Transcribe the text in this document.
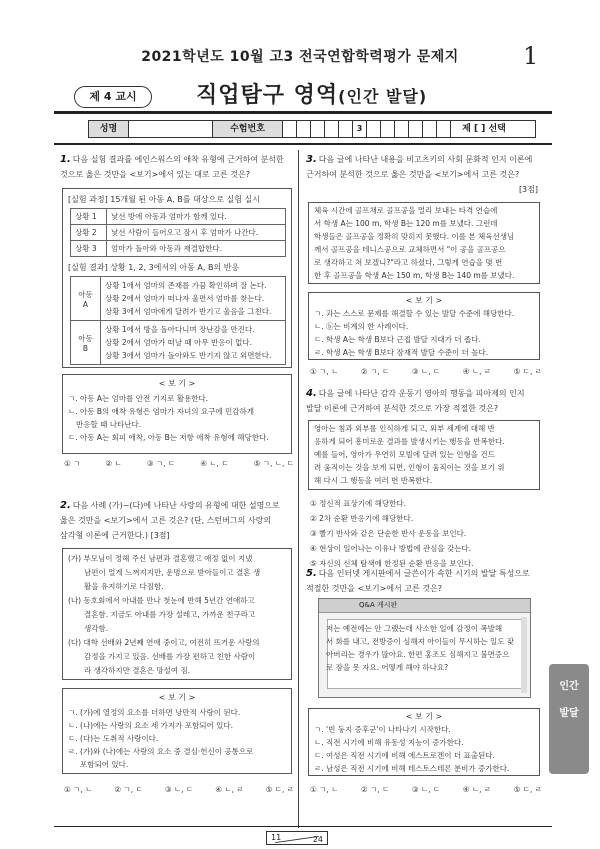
2021학년도 10월 고3 전국연합학력평가 문제지	1
제 4 교시	직업탐구 영역(인간 발달)
성명	수험번호	3	제 [ ] 선택
1. 다음 실험 결과를 에인스워스의 애착 유형에 근거하여 분석한
것으로 옳은 것만을 <보기>에서 있는 대로 고른 것은?
[실험 과정] 15개월 된 아동 A, B를 대상으로 실험 실시
상황 1	낯선 방에 아동과 엄마가 함께 있다.
상황 2	낯선 사람이 들어오고 잠시 후 엄마가 나간다.
상황 3	엄마가 돌아와 아동과 재결합한다.
[실험 결과] 상황 1, 2, 3에서의 아동 A, B의 반응
아동 A	상황 1에서 엄마의 존재를 가끔 확인하며 잘 논다.
상황 2에서 엄마가 떠나자 울면서 엄마를 찾는다.
상황 3에서 엄마에게 달려가 반기고 울음을 그친다.

아동 B	상황 1에서 방을 돌아다니며 장난감을 만진다.
상황 2에서 엄마가 떠날 때 아무 반응이 없다.
상황 3에서 엄마가 돌아와도 반기지 않고 외면한다.
< 보 기 >
ㄱ. 아동 A는 엄마를 안전 기지로 활용한다.
ㄴ. 아동 B의 애착 유형은 엄마가 자녀의 요구에 민감하게
반응할 때 나타난다.
ㄷ. 아동 A는 회피 애착, 아동 B는 저항 애착 유형에 해당한다.
① ㄱ	② ㄴ	③ ㄱ, ㄷ	④ ㄴ, ㄷ	⑤ ㄱ, ㄴ, ㄷ
2. 다음 사례 (가)~(다)에 나타난 사랑의 유형에 대한 설명으로
옳은 것만을 <보기>에서 고른 것은? (단, 스턴버그의 사랑의
삼각형 이론에 근거한다.) [3점]
(가) 부모님이 정해 주신 남편과 결혼했고 애정 없이 지냈
남편이 멀게 느껴지지만, 운명으로 받아들이고 결혼 생
활을 유지하기로 다짐함.
(나) 동호회에서 아내를 만나 첫눈에 반해 5년간 연애하고
결혼함. 지금도 아내를 가장 설레고, 가까운 친구라고
생각함.
(다) 대학 선배와 2년째 연애 중이고, 여전히 뜨거운 사랑의
감정을 가지고 있음. 선배를 가장 편하고 친한 사람이
라 생각하지만 결혼은 망설여 짐.
< 보 기 >
ㄱ. (가)에 열정의 요소를 더하면 낭만적 사랑이 된다.
ㄴ. (나)에는 사랑의 요소 세 가지가 포함되어 있다.
ㄷ. (다)는 도취적 사랑이다.
ㄹ. (가)와 (나)에는 사랑의 요소 중 결심·헌신이 공통으로
포함되어 있다.
① ㄱ, ㄴ	② ㄱ, ㄷ	③ ㄴ, ㄷ	④ ㄴ, ㄹ	⑤ ㄷ, ㄹ
3. 다음 글에 나타난 내용을 비고츠키의 사회 문화적 인지 이론에
근거하여 분석한 것으로 옳은 것만을 <보기>에서 고른 것은?
[3점]
체육 시간에 골프채로 골프공을 멀리 보내는 타격 연습에
서 학생 A는 100 m, 학생 B는 120 m를 보냈다. 그런데
학생들은 골프공을 정확히 맞히지 못했다. 이를 본 체육선생님
께서 골프공을 테니스공으로 교체하면서 "이 공을 골프공으
로 생각하고 쳐 보겠니?"라고 하셨다. 그렇게 연습을 몇 번
한 후 골프공을 학생 A는 150 m, 학생 B는 140 m를 보냈다.
< 보 기 >
ㄱ. 과는 스스로 문제를 해결할 수 있는 발달 수준에 해당한다.
ㄴ. ⓑ는 비계의 한 사례이다.
ㄷ. 학생 A는 학생 B보다 근접 발달 지대가 더 좁다.
ㄹ. 학생 A는 학생 B보다 잠재적 발달 수준이 더 높다.
① ㄱ, ㄴ	② ㄱ, ㄷ	③ ㄴ, ㄷ	④ ㄴ, ㄹ	⑤ ㄷ, ㄹ
4. 다음 글에 나타난 감각 운동기 영아의 행동을 피아제의 인지
발달 이론에 근거하여 분석한 것으로 가장 적절한 것은?
영아는 침과 외부를 인식하게 되고, 외부 세계에 대해 반
응하게 되어 흥미로운 결과를 발생시키는 행동을 반복한다.
예를 들어, 영아가 우연히 모빌에 달려 있는 인형을 건드
려 움직이는 것을 보게 되면, 인형이 움직이는 것을 보기 위
해 다시 그 행동을 여러 번 반복한다.
① 정신적 표상기에 해당한다.
② 2차 순환 반응기에 해당한다.
③ 빨기 반사와 같은 단순한 반사 운동을 보인다.
④ 현상이 일어나는 이유나 방법에 관심을 갖는다.
⑤ 자신의 신체 탐색에 한정된 순환 반응을 보인다.
5. 다음 인터넷 게시판에서 글쓴이가 속한 시기의 발달 특성으로
적절한 것만을 <보기>에서 고른 것은?
Q&A 게시판
저는 예전에는 안 그랬는데 사소한 일에 감정이 폭발해
서 화를 내고, 전방증이 심해져 아이들이 무시하는 일도 잦
아버리는 경우가 많아요. 한편 홍조도 심해지고 불면증으
로 잠을 못 자요. 어떻게 해야 하나요?
< 보 기 >
ㄱ. '빈 둥지 증후군'이 나타나기 시작한다.
ㄴ. 직전 시기에 비해 유동성 지능이 증가한다.
ㄷ. 여성은 직전 시기에 비해 에스트로겐이 더 표출된다.
ㄹ. 남성은 직전 시기에 비해 테스토스테론 분비가 증가한다.
① ㄱ, ㄴ	② ㄱ, ㄷ	③ ㄴ, ㄷ	④ ㄴ, ㄹ	⑤ ㄷ, ㄹ
인간
발달
11	24
